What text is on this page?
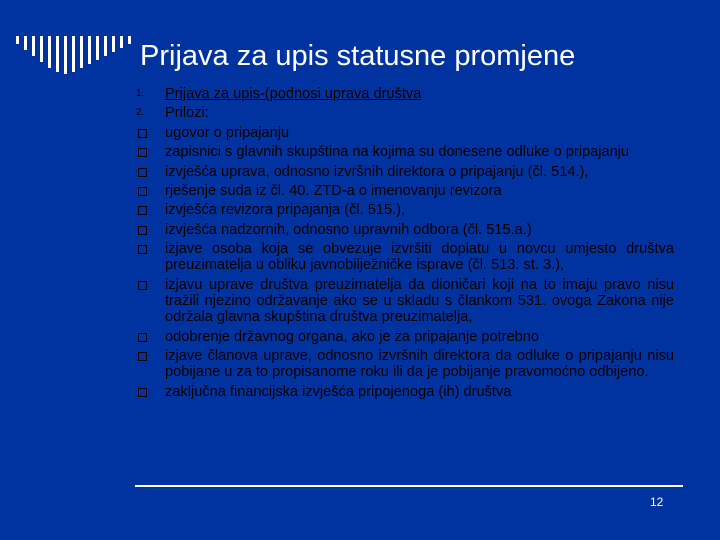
Prijava za upis statusne promjene
1. Prijava za upis-(podnosi uprava društva
2. Prilozi:
ugovor o pripajanju
zapisnici s glavnih skupština na kojima su donesene odluke o pripajanju
izvješća uprava, odnosno izvršnih direktora o pripajanju (čl. 514.),
rješenje suda iz čl. 40. ZTD-a o imenovanju revizora
izvješća revizora pripajanja (čl. 515.),
izvješća nadzornih, odnosno upravnih odbora (čl. 515.a.)
izjave osoba koja se obvezuje izvršiti doplatu u novcu umjesto društva preuzimatelja u obliku javnobilježničke isprave (čl. 513. st. 3.),
izjavu uprave društva preuzimatelja da dioničari koji na to imaju pravo nisu tražili njezino održavanje ako se u skladu s člankom 531. ovoga Zakona nije održala glavna skupština društva preuzimatelja,
odobrenje državnog organa, ako je za pripajanje potrebno
izjave članova uprave, odnosno izvršnih direktora da odluke o pripajanju nisu pobijane u za to propisanome roku ili da je pobijanje pravomoćno odbijeno.
zaključna financijska izvješća pripojenoga (ih) društva
12
